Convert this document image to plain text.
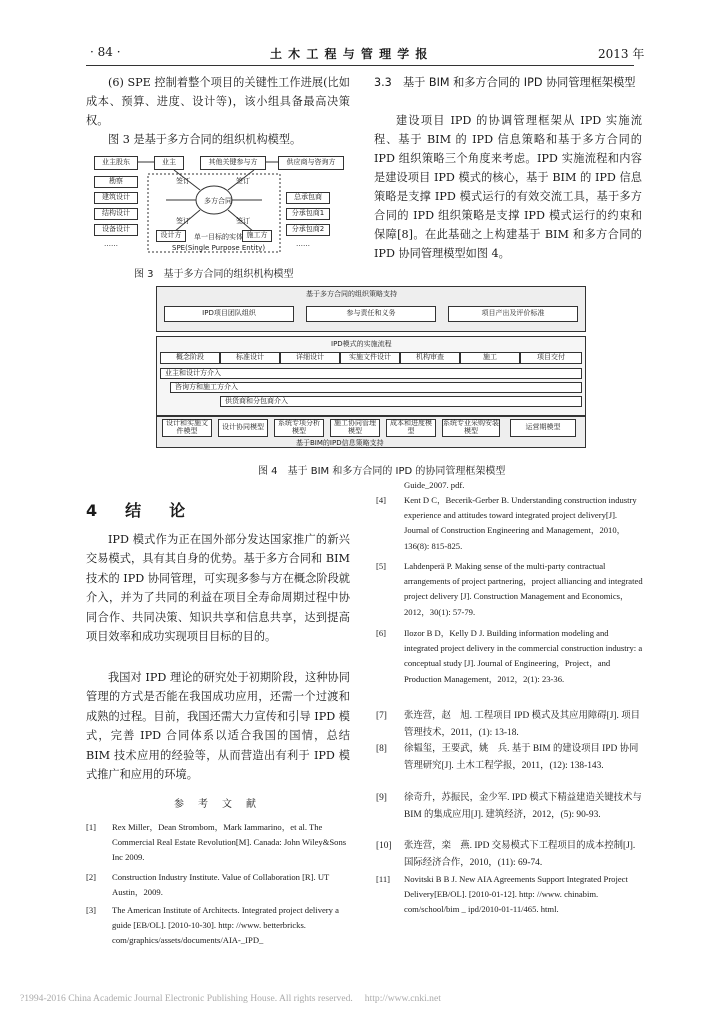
· 84 ·	土 木 工 程 与 管 理 学 报	2013 年
(6) SPE 控制着整个项目的关键性工作进展(比如成本、预算、进度、设计等)，该小组具备最高决策权。
图 3 是基于多方合同的组织机构模型。
业主股东
勘察
建筑设计
结构设计
设备设计
……
业主	其他关键参与方	供应商与咨询方
总承包商
分承包商1
分承包商2
……
多方合同
签订	签订
签订	签订
设计方	施工方
单一目标的实体
SPE(Single Purpose Entity)
图 3　基于多方合同的组织机构模型
3.3　基于 BIM 和多方合同的 IPD 协同管理框架模型
建设项目 IPD 的协调管理框架从 IPD 实施流程、基于 BIM 的 IPD 信息策略和基于多方合同的 IPD 组织策略三个角度来考虑。IPD 实施流程和内容是建设项目 IPD 模式的核心，基于 BIM 的 IPD 信息策略是支撑 IPD 模式运行的有效交流工具，基于多方合同的 IPD 组织策略是支撑 IPD 模式运行的约束和保障[8]。在此基础之上构建基于 BIM 和多方合同的 IPD 协同管理模型如图 4。
基于多方合同的组织策略支持
IPD项目团队组织	参与责任和义务	项目产出及评价标准
IPD模式的实施流程
概念阶段	标准设计	详细设计	实施文件设计	机构审查	施工	项目交付
业主和设计方介入
咨询方和施工方介入
供货商和分包商介入
设计和实施文件模型	设计协同模型	系统专项分析模型
施工协同管理模型
成本和进度模型
系统专业采购安装模型	运营期模型
基于BIM的IPD信息策略支持
图 4　基于 BIM 和多方合同的 IPD 的协同管理框架模型
4　结　论
IPD 模式作为正在国外部分发达国家推广的新兴交易模式，具有其自身的优势。基于多方合同和 BIM 技术的 IPD 协同管理，可实现多参与方在概念阶段就介入，并为了共同的利益在项目全寿命周期过程中协同合作、共同决策、知识共享和信息共享，达到提高项目效率和成功实现项目目标的目的。
我国对 IPD 理论的研究处于初期阶段，这种协同管理的方式是否能在我国成功应用，还需一个过渡和成熟的过程。目前，我国还需大力宣传和引导 IPD 模式，完善 IPD 合同体系以适合我国的国情，总结 BIM 技术应用的经验等，从而营造出有利于 IPD 模式推广和应用的环境。
参　考　文　献
[1] Rex Miller，Dean Strombom，Mark Iammarino，et al. The Commercial Real Estate Revolution[M]. Canada: John Wiley&Sons Inc 2009.
[2] Construction Industry Institute. Value of Collaboration [R]. UT Austin，2009.
[3] The American Institute of Architects. Integrated project delivery a guide [EB/OL]. [2010-10-30]. http: //www. betterbricks. com/graphics/assets/documents/AIA-_IPD_
Guide_2007. pdf.
[4] Kent D C，Becerik-Gerber B. Understanding construction industry experience and attitudes toward integrated project delivery[J]. Journal of Construction Engineering and Management，2010，136(8): 815-825.
[5] Lahdenperä P. Making sense of the multi-party contractual arrangements of project partnering，project alliancing and integrated project delivery [J]. Construction Management and Economics，2012，30(1): 57-79.
[6] Ilozor B D，Kelly D J. Building information modeling and integrated project delivery in the commercial construction industry: a conceptual study [J]. Journal of Engineering，Project，and Production Management，2012，2(1): 23-36.
[7] 张连营，赵　旭. 工程项目 IPD 模式及其应用障碍[J]. 项目管理技术，2011，(1): 13-18.
[8] 徐韫玺，王要武，姚　兵. 基于 BIM 的建设项目 IPD 协同管理研究[J]. 土木工程学报，2011，(12): 138-143.
[9] 徐奇升，苏振民，金少军. IPD 模式下精益建造关键技术与 BIM 的集成应用[J]. 建筑经济，2012，(5): 90-93.
[10] 张连营，栾　燕. IPD 交易模式下工程项目的成本控制[J]. 国际经济合作，2010，(11): 69-74.
[11] Novitski B B J. New AIA Agreements Support Integrated Project Delivery[EB/OL]. [2010-01-12]. http: //www. chinabim. com/school/bim _ ipd/2010-01-11/465. html.
?1994-2016 China Academic Journal Electronic Publishing House. All rights reserved.　 http://www.cnki.net
